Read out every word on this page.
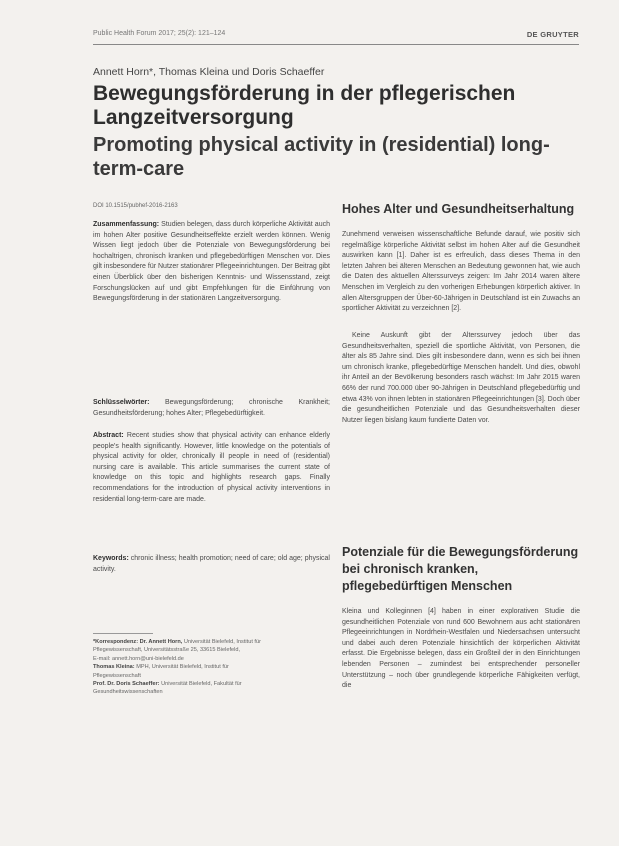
Public Health Forum 2017; 25(2): 121–124	DE GRUYTER
Annett Horn*, Thomas Kleina und Doris Schaeffer
Bewegungsförderung in der pflegerischen Langzeitversorgung
Promoting physical activity in (residential) long-term-care
DOI 10.1515/pubhef-2016-2163

Zusammenfassung: Studien belegen, dass durch körperliche Aktivität auch im hohen Alter positive Gesundheitseffekte erzielt werden können. Wenig Wissen liegt jedoch über die Potenziale von Bewegungsförderung bei hochaltrigen, chronisch kranken und pflegebedürftigen Menschen vor. Dies gilt insbesondere für Nutzer stationärer Pflegeeinrichtungen. Der Beitrag gibt einen Überblick über den bisherigen Kenntnis- und Wissensstand, zeigt Forschungslücken auf und gibt Empfehlungen für die Einführung von Bewegungsförderung in der stationären Langzeitversorgung.

Schlüsselwörter: Bewegungsförderung; chronische Krankheit; Gesundheitsförderung; hohes Alter; Pflegebedürftigkeit.

Abstract: Recent studies show that physical activity can enhance elderly people's health significantly. However, little knowledge on the potentials of physical activity for older, chronically ill people in need of (residential) nursing care is available. This article summarises the current state of knowledge on this topic and highlights research gaps. Finally recommendations for the introduction of physical activity interventions in residential long-term-care are made.

Keywords: chronic illness; health promotion; need of care; old age; physical activity.

*Korrespondenz: Dr. Annett Horn, Universität Bielefeld, Institut für

Pflegewissenschaft, Universitätsstraße 25, 33615 Bielefeld,

E-mail: annett.horn@uni-bielefeld.de

Thomas Kleina: MPH, Universität Bielefeld, Institut für

Pflegewissenschaft

Prof. Dr. Doris Schaeffer: Universität Bielefeld, Fakultät für

Gesundheitswissenschaften

Hohes Alter und Gesundheitserhaltung

Zunehmend verweisen wissenschaftliche Befunde darauf, wie positiv sich regelmäßige körperliche Aktivität selbst im hohen Alter auf die Gesundheit auswirken kann [1]. Daher ist es erfreulich, dass dieses Thema in den letzten Jahren bei älteren Menschen an Bedeutung gewonnen hat, wie auch die Daten des aktuellen Alterssurveys zeigen: Im Jahr 2014 waren ältere Menschen im Vergleich zu den vorherigen Erhebungen körperlich aktiver. In allen Altersgruppen der Über-60-Jährigen in Deutschland ist ein Zuwachs an sportlicher Aktivität zu verzeichnen [2].

Keine Auskunft gibt der Alterssurvey jedoch über das Gesundheitsverhalten, speziell die sportliche Aktivität, von Personen, die älter als 85 Jahre sind. Dies gilt insbesondere dann, wenn es sich bei ihnen um chronisch kranke, pflegebedürftige Menschen handelt. Und dies, obwohl ihr Anteil an der Bevölkerung besonders rasch wächst: Im Jahr 2015 waren 66% der rund 700.000 über 90-Jährigen in Deutschland pflegebedürftig und etwa 43% von ihnen lebten in stationären Pflegeeinrichtungen [3]. Doch über die gesundheitlichen Potenziale und das Gesundheitsverhalten dieser Nutzer liegen bislang kaum fundierte Daten vor.

Potenziale für die Bewegungsförderung bei chronisch kranken, pflegebedürftigen Menschen

Kleina und Kolleginnen [4] haben in einer explorativen Studie die gesundheitlichen Potenziale von rund 600 Bewohnern aus acht stationären Pflegeeinrichtungen in Nordrhein-Westfalen und Niedersachsen untersucht und dabei auch deren Potenziale hinsichtlich der körperlichen Aktivität erfasst. Die Ergebnisse belegen, dass ein Großteil der in den Einrichtungen lebenden Personen – zumindest bei entsprechender personeller Unterstützung – noch über grundlegende körperliche Fähigkeiten verfügt, die
